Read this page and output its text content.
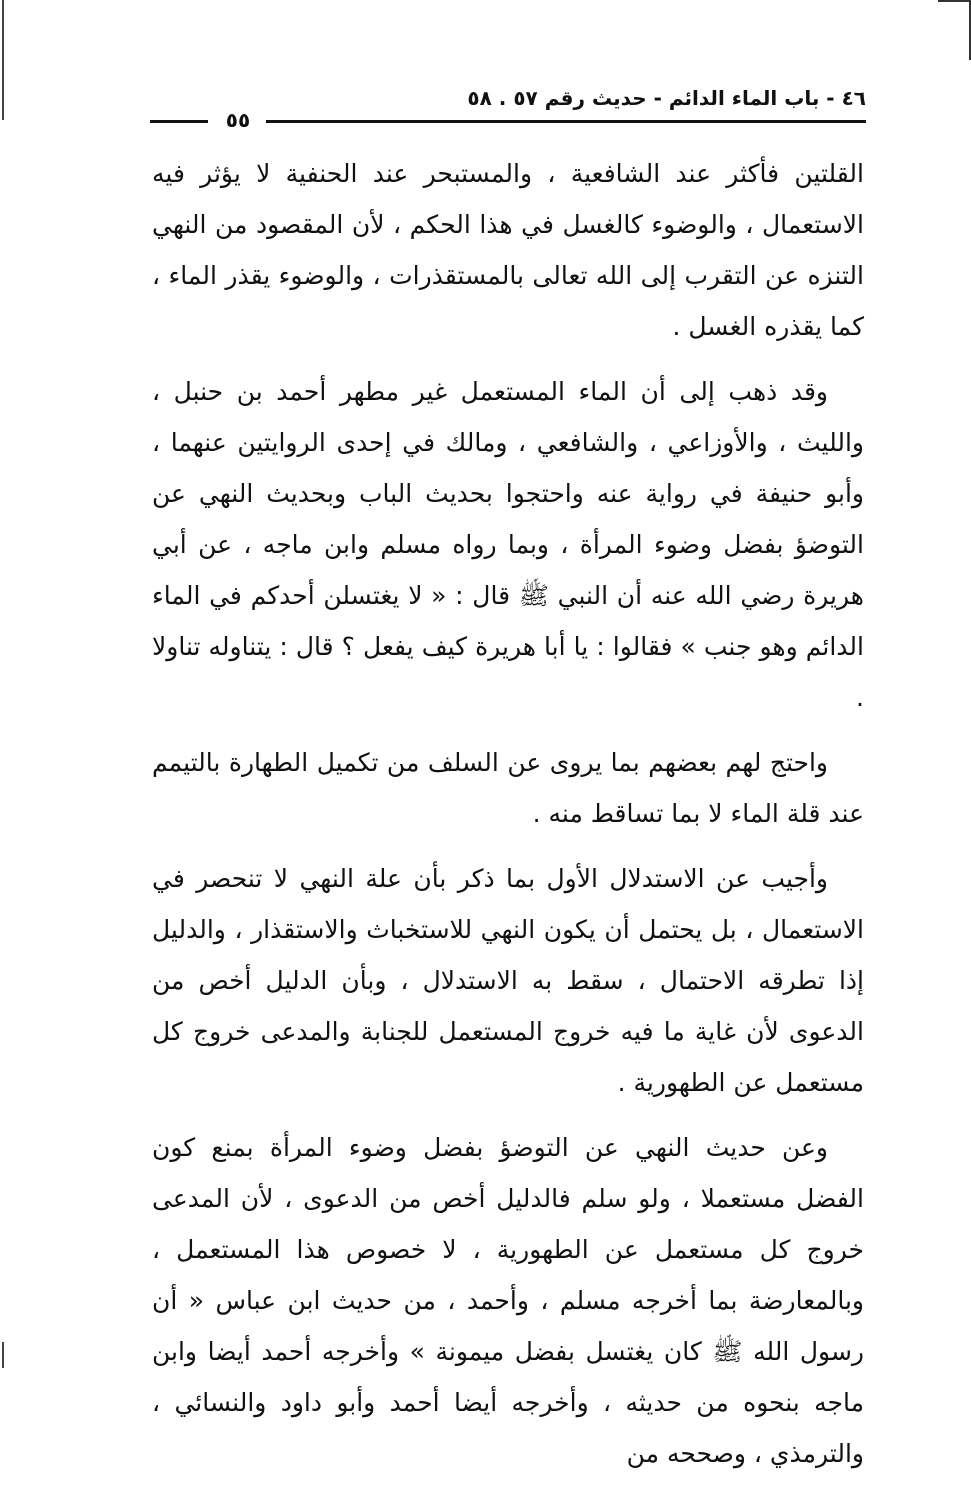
٤٦ - باب الماء الدائم - حديث رقم ٥٧ . ٥٨
٥٥

القلتين فأكثر عند الشافعية ، والمستبحر عند الحنفية لا يؤثر فيه الاستعمال ، والوضوء كالغسل في هذا الحكم ، لأن المقصود من النهي التنزه عن التقرب إلى الله تعالى بالمستقذرات ، والوضوء يقذر الماء ، كما يقذره الغسل .

وقد ذهب إلى أن الماء المستعمل غير مطهر أحمد بن حنبل ، والليث ، والأوزاعي ، والشافعي ، ومالك في إحدى الروايتين عنهما ، وأبو حنيفة في رواية عنه واحتجوا بحديث الباب وبحديث النهي عن التوضؤ بفضل وضوء المرأة ، وبما رواه مسلم وابن ماجه ، عن أبي هريرة رضي الله عنه أن النبي ﷺ قال : « لا يغتسلن أحدكم في الماء الدائم وهو جنب » فقالوا : يا أبا هريرة كيف يفعل ؟ قال : يتناوله تناولا .

واحتج لهم بعضهم بما يروى عن السلف من تكميل الطهارة بالتيمم عند قلة الماء لا بما تساقط منه .

وأجيب عن الاستدلال الأول بما ذكر بأن علة النهي لا تنحصر في الاستعمال ، بل يحتمل أن يكون النهي للاستخباث والاستقذار ، والدليل إذا تطرقه الاحتمال ، سقط به الاستدلال ، وبأن الدليل أخص من الدعوى لأن غاية ما فيه خروج المستعمل للجنابة والمدعى خروج كل مستعمل عن الطهورية .

وعن حديث النهي عن التوضؤ بفضل وضوء المرأة بمنع كون الفضل مستعملا ، ولو سلم فالدليل أخص من الدعوى ، لأن المدعى خروج كل مستعمل عن الطهورية ، لا خصوص هذا المستعمل ، وبالمعارضة بما أخرجه مسلم ، وأحمد ، من حديث ابن عباس « أن رسول الله ﷺ كان يغتسل بفضل ميمونة » وأخرجه أحمد أيضا وابن ماجه بنحوه من حديثه ، وأخرجه أيضا أحمد وأبو داود والنسائي ، والترمذي ، وصححه من
